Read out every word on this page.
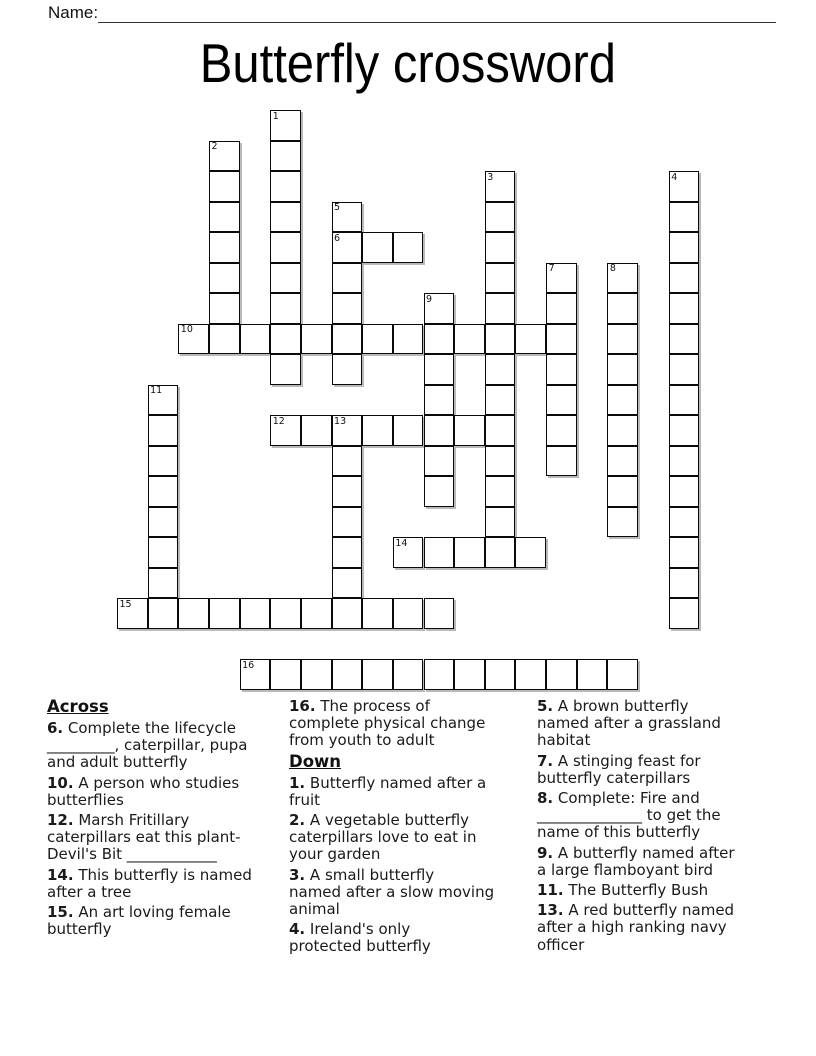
Name:
Butterfly crossword
1
2
3	4
5
6
7	8
9
10
11
12	13
14
15
16
Across
6. Complete the lifecycle
_________, caterpillar, pupa
and adult butterfly
10. A person who studies
butterflies
12. Marsh Fritillary
caterpillars eat this plant-
Devil's Bit ____________
14. This butterfly is named
after a tree
15. An art loving female
butterfly
16. The process of
complete physical change
from youth to adult
Down
1. Butterfly named after a
fruit
2. A vegetable butterfly
caterpillars love to eat in
your garden
3. A small butterfly
named after a slow moving
animal
4. Ireland's only
protected butterfly
5. A brown butterfly
named after a grassland
habitat
7. A stinging feast for
butterfly caterpillars
8. Complete: Fire and
______________ to get the
name of this butterfly
9. A butterfly named after
a large flamboyant bird
11. The Butterfly Bush
13. A red butterfly named
after a high ranking navy
officer
